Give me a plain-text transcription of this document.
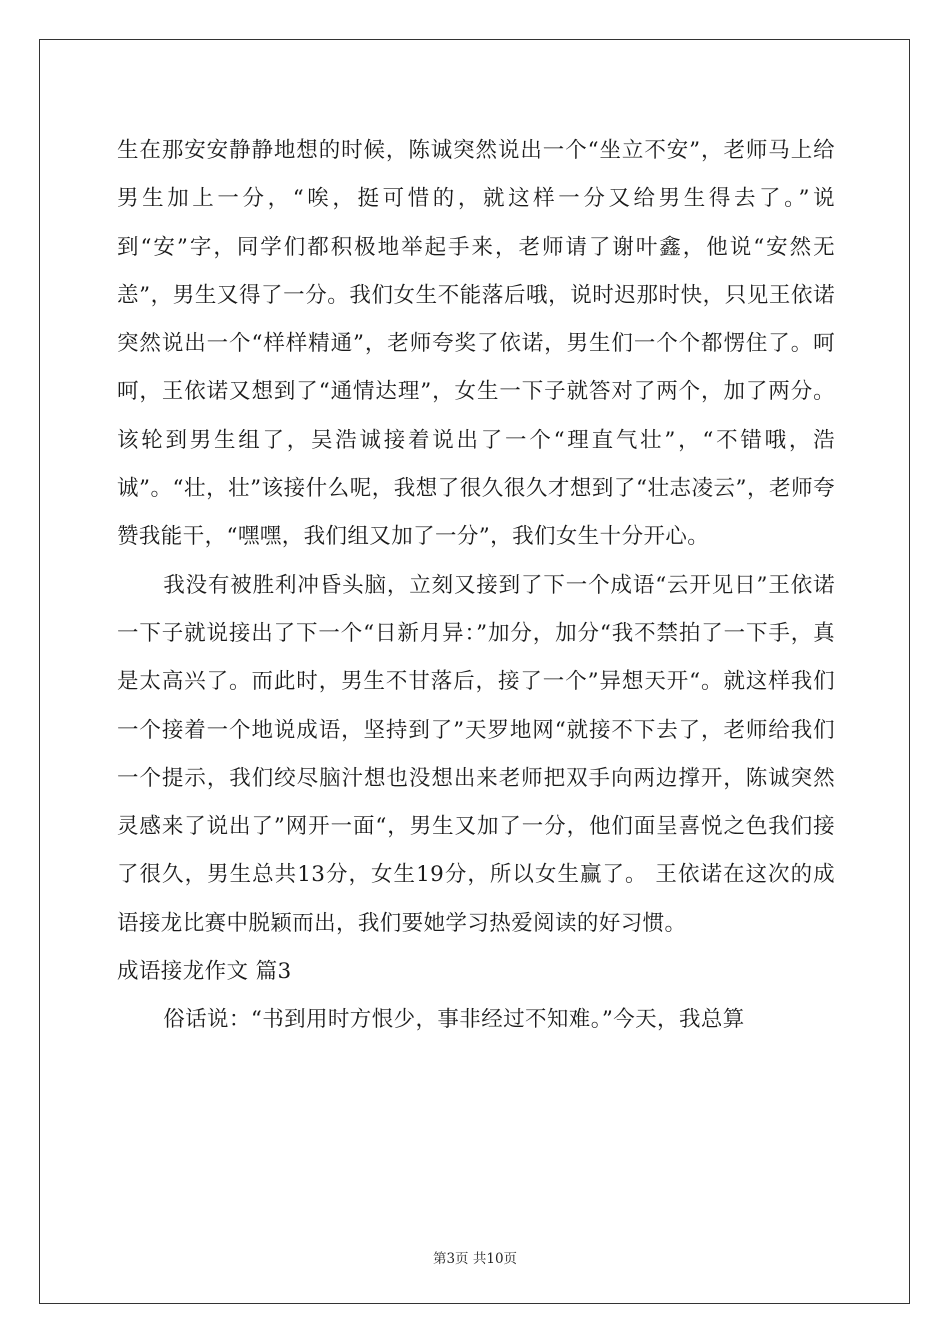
生在那安安静静地想的时候，陈诚突然说出一个“坐立不安”，老师马上给男生加上一分，“唉，挺可惜的，就这样一分又给男生得去了。”说到“安”字，同学们都积极地举起手来，老师请了谢叶鑫，他说“安然无恙”，男生又得了一分。我们女生不能落后哦，说时迟那时快，只见王依诺突然说出一个“样样精通”，老师夸奖了依诺，男生们一个个都愣住了。呵呵，王依诺又想到了“通情达理”，女生一下子就答对了两个，加了两分。该轮到男生组了，吴浩诚接着说出了一个“理直气壮”，“不错哦，浩诚”。“壮，壮”该接什么呢，我想了很久很久才想到了“壮志凌云”，老师夸赞我能干，“嘿嘿，我们组又加了一分”，我们女生十分开心。

我没有被胜利冲昏头脑，立刻又接到了下一个成语“云开见日”王依诺一下子就说接出了下一个“日新月异：”加分，加分“我不禁拍了一下手，真是太高兴了。而此时，男生不甘落后，接了一个”异想天开“。就这样我们一个接着一个地说成语，坚持到了”天罗地网“就接不下去了，老师给我们一个提示，我们绞尽脑汁想也没想出来老师把双手向两边撑开，陈诚突然灵感来了说出了”网开一面“，男生又加了一分，他们面呈喜悦之色我们接了很久，男生总共13分，女生19分，所以女生赢了。 王依诺在这次的成语接龙比赛中脱颖而出，我们要她学习热爱阅读的好习惯。

成语接龙作文 篇3

俗话说：“书到用时方恨少，事非经过不知难。”今天，我总算

第3页 共10页
